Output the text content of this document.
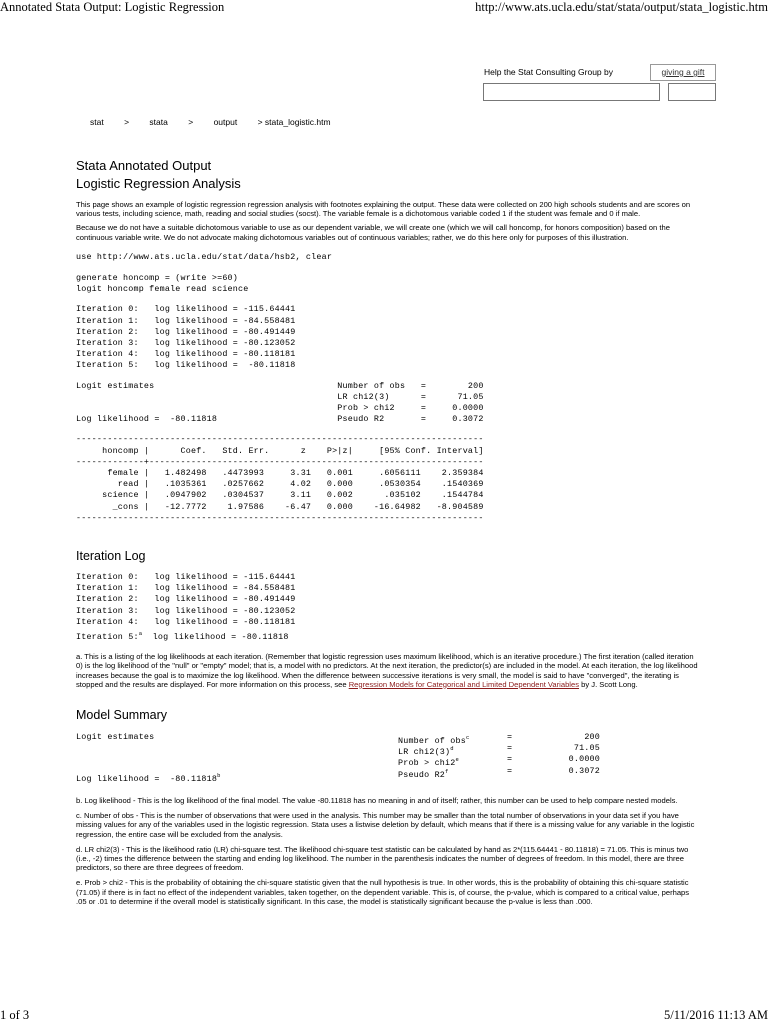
Annotated Stata Output: Logistic Regression	http://www.ats.ucla.edu/stat/stata/output/stata_logistic.htm
Help the Stat Consulting Group by	giving a gift
stat > stata > output > stata_logistic.htm
Stata Annotated Output
Logistic Regression Analysis

This page shows an example of logistic regression regression analysis with footnotes explaining the output. These data were collected on 200 high schools students and are scores on various tests, including science, math, reading and social studies (socst). The variable female is a dichotomous variable coded 1 if the student was female and 0 if male.

Because we do not have a suitable dichotomous variable to use as our dependent variable, we will create one (which we will call honcomp, for honors composition) based on the continuous variable write. We do not advocate making dichotomous variables out of continuous variables; rather, we do this here only for purposes of this illustration.

use http://www.ats.ucla.edu/stat/data/hsb2, clear
generate honcomp = (write >=60)
logit honcomp female read science
Iteration 0:   log likelihood = -115.64441
Iteration 1:   log likelihood = -84.558481
Iteration 2:   log likelihood = -80.491449
Iteration 3:   log likelihood = -80.123052
Iteration 4:   log likelihood = -80.118181
Iteration 5:   log likelihood =  -80.11818
Logit estimates                                   Number of obs   =        200
LR chi2(3)      =      71.05
Prob > chi2     =     0.0000
Log likelihood =  -80.11818                       Pseudo R2       =     0.3072
------------------------------------------------------------------------------
honcomp |      Coef.   Std. Err.      z    P>|z|     [95% Conf. Interval]
-------------+----------------------------------------------------------------
female |   1.482498   .4473993     3.31   0.001     .6056111    2.359384
read |   .1035361   .0257662     4.02   0.000     .0530354    .1540369
science |   .0947902   .0304537     3.11   0.002      .035102    .1544784
_cons |   -12.7772    1.97586    -6.47   0.000    -16.64982   -8.904589
------------------------------------------------------------------------------
Iteration Log
Iteration 0:   log likelihood = -115.64441
Iteration 1:   log likelihood = -84.558481
Iteration 2:   log likelihood = -80.491449
Iteration 3:   log likelihood = -80.123052
Iteration 4:   log likelihood = -80.118181
Iteration 5:$^a$  log likelihood = -80.11818

a. This is a listing of the log likelihoods at each iteration. (Remember that logistic regression uses maximum likelihood, which is an iterative procedure.) The first iteration (called iteration 0) is the log likelihood of the "null" or "empty" model; that is, a model with no predictors. At the next iteration, the predictor(s) are included in the model. At each iteration, the log likelihood increases because the goal is to maximize the log likelihood. When the difference between successive iterations is very small, the model is said to have "converged", the iterating is stopped and the results are displayed. For more information on this process, see Regression Models for Categorical and Limited Dependent Variables by J. Scott Long.

Model Summary
Logit estimates
Log likelihood =  -80.11818$^b$
Number of obs$^c$	=	200
LR $chi2(3)^d$	=	71.05
Prob > $chi2^e$	=	0.0000
Pseudo $R2^f$	=	0.3072

b. Log likelihood - This is the log likelihood of the final model. The value -80.11818 has no meaning in and of itself; rather, this number can be used to help compare nested models.

c. Number of obs - This is the number of observations that were used in the analysis. This number may be smaller than the total number of observations in your data set if you have missing values for any of the variables used in the logistic regression. Stata uses a listwise deletion by default, which means that if there is a missing value for any variable in the logistic regression, the entire case will be excluded from the analysis.

d. LR chi2(3) - This is the likelihood ratio (LR) chi-square test. The likelihood chi-square test statistic can be calculated by hand as 2*(115.64441 - 80.11818) = 71.05. This is minus two (i.e., -2) times the difference between the starting and ending log likelihood. The number in the parenthesis indicates the number of degrees of freedom. In this model, there are three predictors, so there are three degrees of freedom.

e. Prob > chi2 - This is the probability of obtaining the chi-square statistic given that the null hypothesis is true. In other words, this is the probability of obtaining this chi-square statistic (71.05) if there is in fact no effect of the independent variables, taken together, on the dependent variable. This is, of course, the p-value, which is compared to a critical value, perhaps .05 or .01 to determine if the overall model is statistically significant. In this case, the model is statistically significant because the p-value is less than .000.

1 of 3	5/11/2016 11:13 AM
